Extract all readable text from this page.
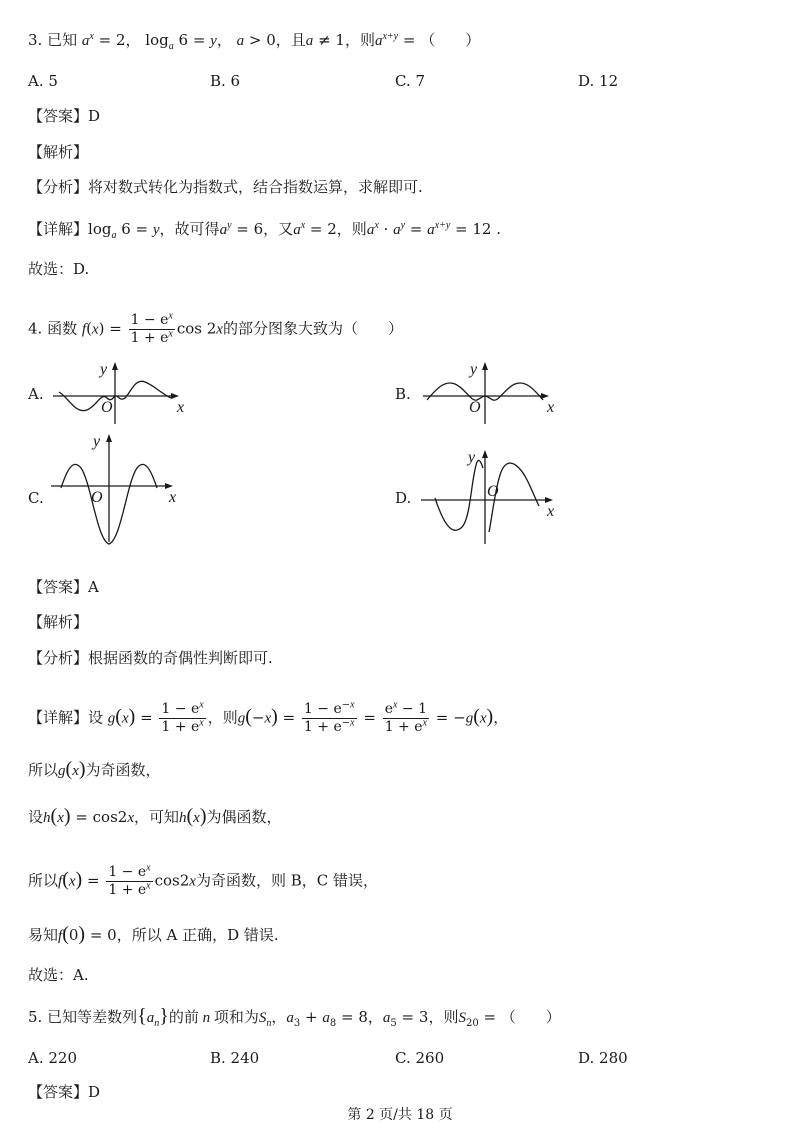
3. 已知 $a^x = 2$， $\log_a 6 = y$， a > 0，且a ≠ 1，则$a^{x+y}$ = （　　）
A. 5	B. 6	C. 7	D. 12
【答案】D
【解析】
【分析】将对数式转化为指数式，结合指数运算，求解即可.
【详解】$\log_a 6 = y$，故可得$a^y = 6$，又$a^x = 2$，则$a^x \cdot a^y = a^{x+y} = 12$ .
故选：D.
4. 函数 $f(x) = \frac{1 - e^x}{1 + e^x}$ cos 2x的部分图象大致为（　　）
A.
y
O	x
B.
y
O	x
C.
y
O	x	D.
y
O
x
【答案】A
【解析】
【分析】根据函数的奇偶性判断即可.
【详解】设 $g(x) = \frac{1 - e^x}{1 + e^x}$ ，则$g(-x) = \frac{1 - e^{-x}}{1 + e^{-x}} = \frac{e^x - 1}{1 + e^x} = -g(x)$，
所以g(x)为奇函数，
设h(x) = cos2x，可知h(x)为偶函数，
所以$f(x) = \frac{1 - e^x}{1 + e^x} \cos 2x$为奇函数，则 B，C 错误，
易知f(0) = 0，所以 A 正确，D 错误.
故选：A.
5. 已知等差数列$\{a_n\}$的前 n 项和为$S_n$，$a_3 + a_8 = 8$，$a_5 = 3$，则$S_{20}$ = （　　）
A. 220	B. 240	C. 260	D. 280
【答案】D
第 2 页/共 18 页
